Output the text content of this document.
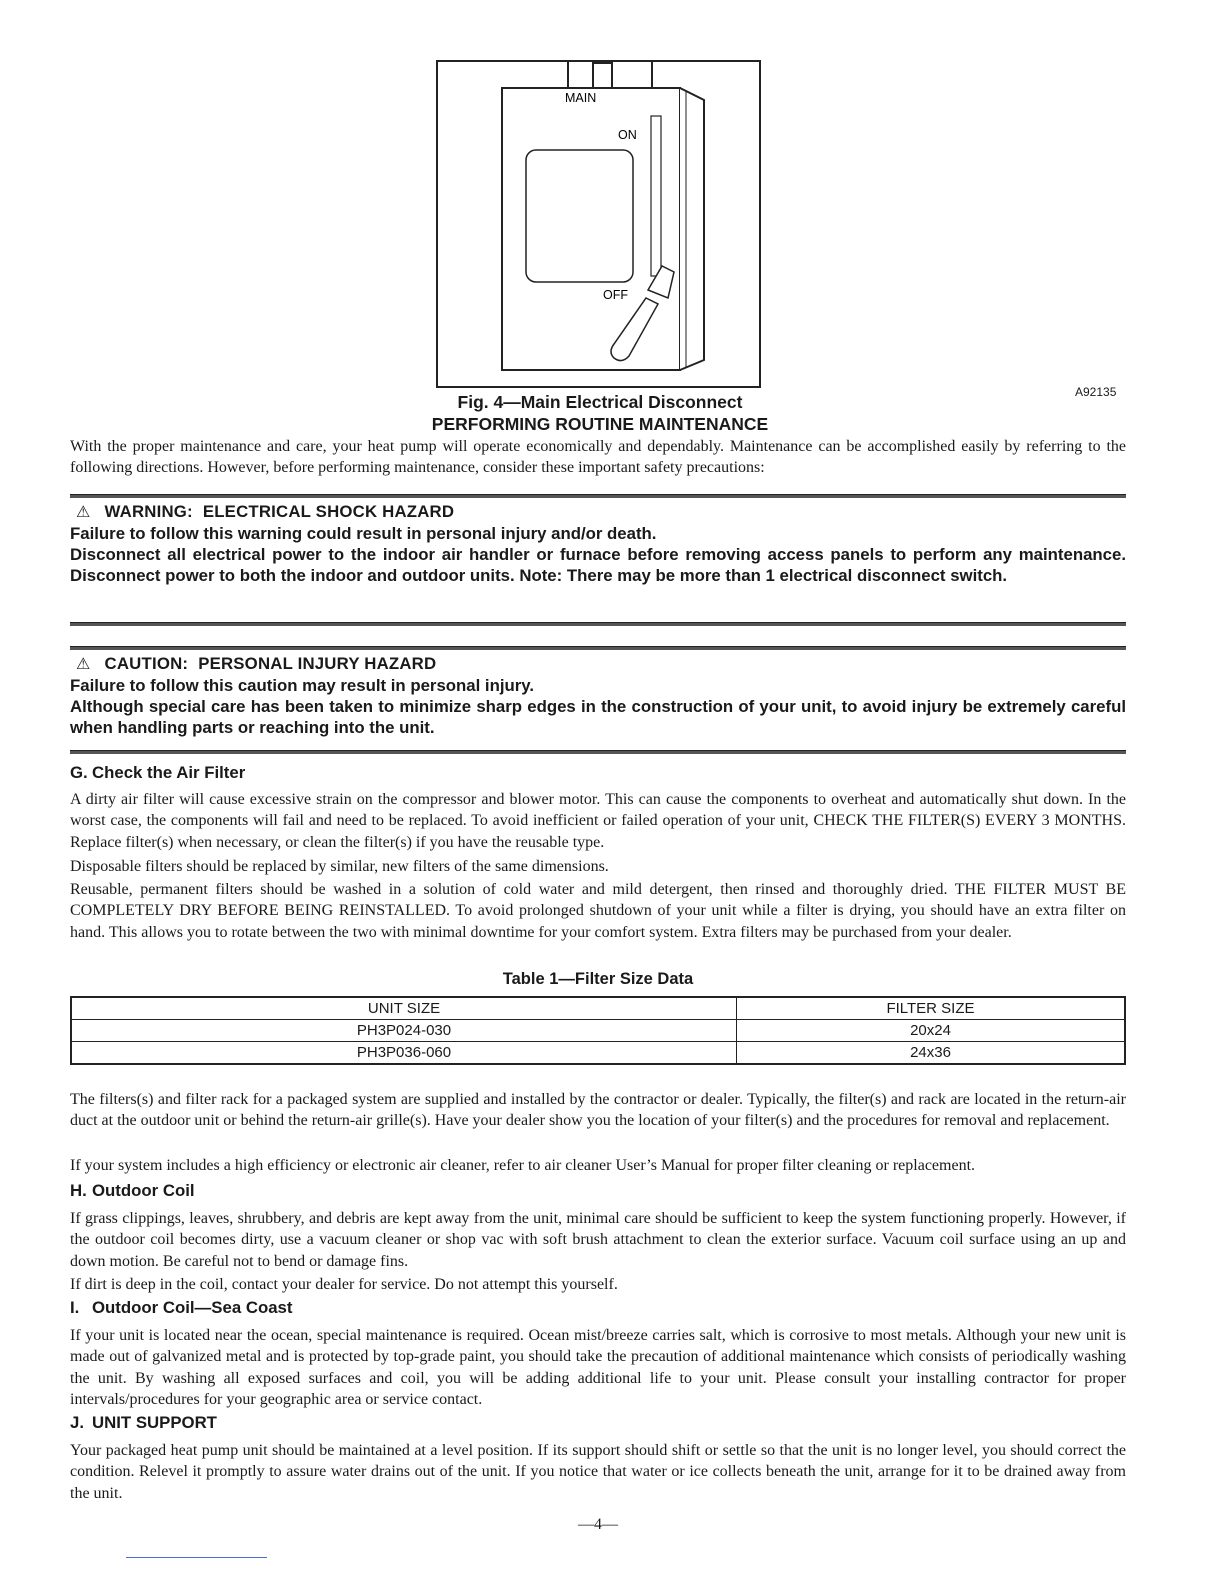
MAIN
ON
OFF
A92135
Fig. 4—Main Electrical Disconnect
PERFORMING ROUTINE MAINTENANCE

With the proper maintenance and care, your heat pump will operate economically and dependably. Maintenance can be accomplished easily by referring to the following directions. However, before performing maintenance, consider these important safety precautions:

⚠ WARNING: ELECTRICAL SHOCK HAZARD

Failure to follow this warning could result in personal injury and/or death.

Disconnect all electrical power to the indoor air handler or furnace before removing access panels to perform any maintenance. Disconnect power to both the indoor and outdoor units. Note: There may be more than 1 electrical disconnect switch.

⚠ CAUTION: PERSONAL INJURY HAZARD

Failure to follow this caution may result in personal injury.

Although special care has been taken to minimize sharp edges in the construction of your unit, to avoid injury be extremely careful when handling parts or reaching into the unit.

G. Check the Air Filter

A dirty air filter will cause excessive strain on the compressor and blower motor. This can cause the components to overheat and automatically shut down. In the worst case, the components will fail and need to be replaced. To avoid inefficient or failed operation of your unit, CHECK THE FILTER(S) EVERY 3 MONTHS. Replace filter(s) when necessary, or clean the filter(s) if you have the reusable type.

Disposable filters should be replaced by similar, new filters of the same dimensions.

Reusable, permanent filters should be washed in a solution of cold water and mild detergent, then rinsed and thoroughly dried. THE FILTER MUST BE COMPLETELY DRY BEFORE BEING REINSTALLED. To avoid prolonged shutdown of your unit while a filter is drying, you should have an extra filter on hand. This allows you to rotate between the two with minimal downtime for your comfort system. Extra filters may be purchased from your dealer.

Table 1—Filter Size Data
UNIT SIZE	FILTER SIZE
PH3P024-030	20x24
PH3P036-060	24x36

The filters(s) and filter rack for a packaged system are supplied and installed by the contractor or dealer. Typically, the filter(s) and rack are located in the return-air duct at the outdoor unit or behind the return-air grille(s). Have your dealer show you the location of your filter(s) and the procedures for removal and replacement.

If your system includes a high efficiency or electronic air cleaner, refer to air cleaner User’s Manual for proper filter cleaning or replacement.

H. Outdoor Coil

If grass clippings, leaves, shrubbery, and debris are kept away from the unit, minimal care should be sufficient to keep the system functioning properly. However, if the outdoor coil becomes dirty, use a vacuum cleaner or shop vac with soft brush attachment to clean the exterior surface. Vacuum coil surface using an up and down motion. Be careful not to bend or damage fins.

If dirt is deep in the coil, contact your dealer for service. Do not attempt this yourself.

I. Outdoor Coil—Sea Coast

If your unit is located near the ocean, special maintenance is required. Ocean mist/breeze carries salt, which is corrosive to most metals. Although your new unit is made out of galvanized metal and is protected by top-grade paint, you should take the precaution of additional maintenance which consists of periodically washing the unit. By washing all exposed surfaces and coil, you will be adding additional life to your unit. Please consult your installing contractor for proper intervals/procedures for your geographic area or service contact.

J. UNIT SUPPORT

Your packaged heat pump unit should be maintained at a level position. If its support should shift or settle so that the unit is no longer level, you should correct the condition. Relevel it promptly to assure water drains out of the unit. If you notice that water or ice collects beneath the unit, arrange for it to be drained away from the unit.

—4—
